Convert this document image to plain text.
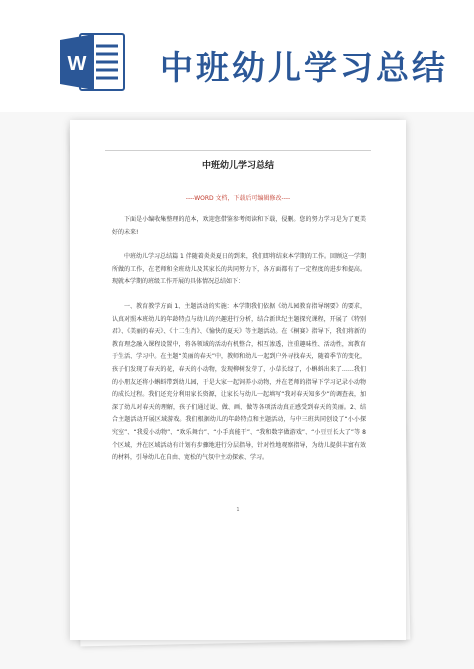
W 中班幼儿学习总结
中班幼儿学习总结
----WORD 文档，下载后可编辑修改----

下面是小编收集整理的范本，欢迎您借鉴参考阅读和下载，侵删。您的努力学习是为了更美好的未来!

中班幼儿学习总结篇 1 伴随着炎炎夏日的到来，我们即将结束本学期的工作。回顾这一学期所做的工作，在老师和全班幼儿及其家长的共同努力下，各方面都有了一定程度的进步和提高。现就本学期的班级工作开展的具体情况总结如下：

一、教育教学方面 1、主题活动的实施：本学期我们依据《幼儿园教育指导纲要》的要求，认真对照本班幼儿的年龄特点与幼儿的兴趣进行分析，结合新世纪主题探究课程，开展了《特别君》、《美丽的春天》、《十二生肖》、《愉快的夏天》等主题活动。在《桐赛》指导下，我们将新的教育理念融入课程设置中，将各领域的活动有机整合，相互渗透，注重趣味性、活动性，寓教育于生活、学习中。在主题“美丽的春天”中，教师和幼儿一起到户外寻找春天，随着季节的变化，孩子们发现了春天的花，春天的小动物，发现柳树发芽了，小草长绿了，小蝌蚪出来了……我们的小朋友还将小蝌蚪带到幼儿园，于是大家一起饲养小动物，并在老师的指导下学习记录小动物的成长过程。我们还充分利用家长资源，让家长与幼儿一起填写“我对春天知多少”的调查表，加深了幼儿对春天的理解，孩子们通过说、做、画、做等各项活动真正感受到春天的美丽。2、结合主题活动开展区域游戏。我们根据幼儿的年龄特点和主题活动，与中三班共同创设了“小小探究室”、“我爱小动物”、“欢乐舞台”、“小手真能干”、“我和数字做游戏”、“小豆豆长大了”等 8 个区域，并在区域活动有计划有步骤地进行分层指导，针对性地观察指导，为幼儿提供丰富有效的材料，引导幼儿在自由、宽松的气氛中主动探索、学习。

1
